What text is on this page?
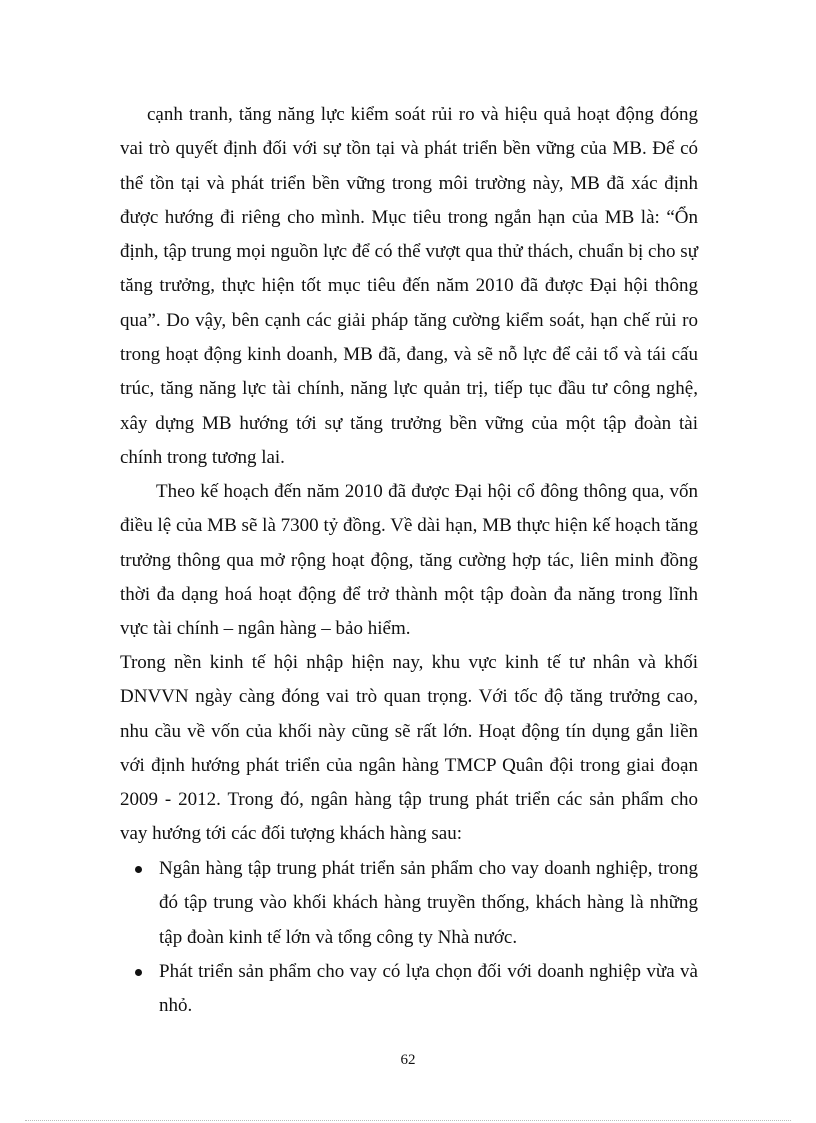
cạnh tranh, tăng năng lực kiểm soát rủi ro và hiệu quả hoạt động đóng vai trò quyết định đối với sự tồn tại và phát triển bền vững của MB. Để có thể tồn tại và phát triển bền vững trong môi trường này, MB đã xác định được hướng đi riêng cho mình. Mục tiêu trong ngắn hạn của MB là: “Ổn định, tập trung mọi nguồn lực để có thể vượt qua thử thách, chuẩn bị cho sự tăng trưởng, thực hiện tốt mục tiêu đến năm 2010 đã được Đại hội thông qua”. Do vậy, bên cạnh các giải pháp tăng cường kiểm soát, hạn chế rủi ro trong hoạt động kinh doanh, MB đã, đang, và sẽ nỗ lực để cải tổ và tái cấu trúc, tăng năng lực tài chính, năng lực quản trị, tiếp tục đầu tư công nghệ, xây dựng MB hướng tới sự tăng trưởng bền vững của một tập đoàn tài chính trong tương lai.

Theo kế hoạch đến năm 2010 đã được Đại hội cổ đông thông qua, vốn điều lệ của MB sẽ là 7300 tỷ đồng. Về dài hạn, MB thực hiện kế hoạch tăng trưởng thông qua mở rộng hoạt động, tăng cường hợp tác, liên minh đồng thời đa dạng hoá hoạt động để trở thành một tập đoàn đa năng trong lĩnh vực tài chính – ngân hàng – bảo hiểm.

Trong nền kinh tế hội nhập hiện nay, khu vực kinh tế tư nhân và khối DNVVN ngày càng đóng vai trò quan trọng. Với tốc độ tăng trưởng cao, nhu cầu về vốn của khối này cũng sẽ rất lớn. Hoạt động tín dụng gắn liền với định hướng phát triển của ngân hàng TMCP Quân đội trong giai đoạn 2009 - 2012. Trong đó, ngân hàng tập trung phát triển các sản phẩm cho vay hướng tới các đối tượng khách hàng sau:

Ngân hàng tập trung phát triển sản phẩm cho vay doanh nghiệp, trong đó tập trung vào khối khách hàng truyền thống, khách hàng là những tập đoàn kinh tế lớn và tổng công ty Nhà nước.
Phát triển sản phẩm cho vay có lựa chọn đối với doanh nghiệp vừa và nhỏ.
62
